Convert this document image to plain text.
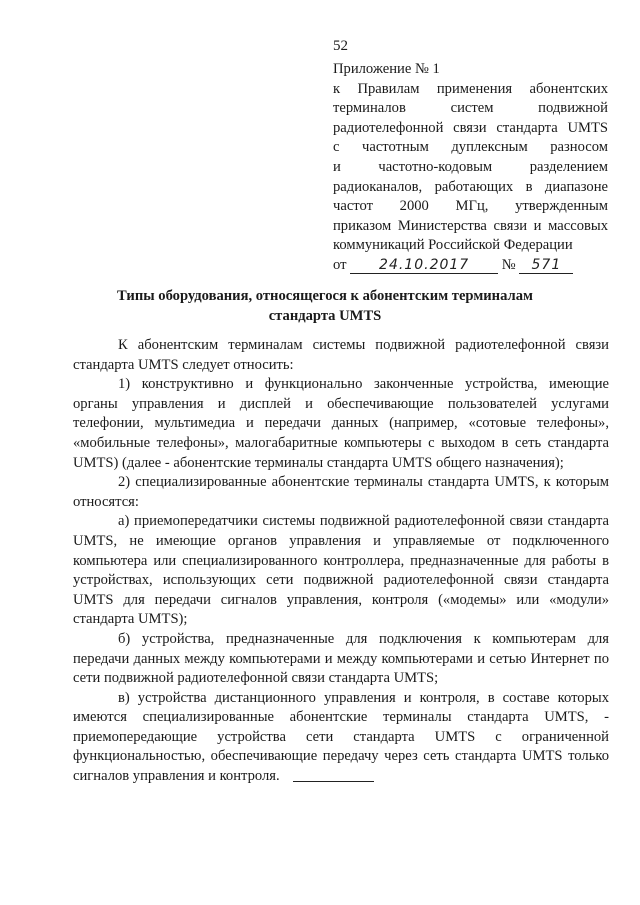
52
Приложение № 1
к Правилам применения абонентских
терминалов систем подвижной
радиотелефонной связи стандарта UMTS
с частотным дуплексным разносом
и частотно-кодовым разделением
радиоканалов, работающих в диапазоне
частот 2000 МГц, утвержденным
приказом Министерства связи и массовых
коммуникаций Российской Федерации
от 24.10.2017 № 571
Типы оборудования, относящегося к абонентским терминалам
стандарта UMTS

К абонентским терминалам системы подвижной радиотелефонной связи стандарта UMTS следует относить:

1) конструктивно и функционально законченные устройства, имеющие органы управления и дисплей и обеспечивающие пользователей услугами телефонии, мультимедиа и передачи данных (например, «сотовые телефоны», «мобильные телефоны», малогабаритные компьютеры с выходом в сеть стандарта UMTS) (далее - абонентские терминалы стандарта UMTS общего назначения);

2) специализированные абонентские терминалы стандарта UMTS, к которым относятся:

а) приемопередатчики системы подвижной радиотелефонной связи стандарта UMTS, не имеющие органов управления и управляемые от подключенного компьютера или специализированного контроллера, предназначенные для работы в устройствах, использующих сети подвижной радиотелефонной связи стандарта UMTS для передачи сигналов управления, контроля («модемы» или «модули» стандарта UMTS);

б) устройства, предназначенные для подключения к компьютерам для передачи данных между компьютерами и между компьютерами и сетью Интернет по сети подвижной радиотелефонной связи стандарта UMTS;

в) устройства дистанционного управления и контроля, в составе которых имеются специализированные абонентские терминалы стандарта UMTS, - приемопередающие устройства сети стандарта UMTS с ограниченной функциональностью, обеспечивающие передачу через сеть стандарта UMTS только сигналов управления и контроля.
